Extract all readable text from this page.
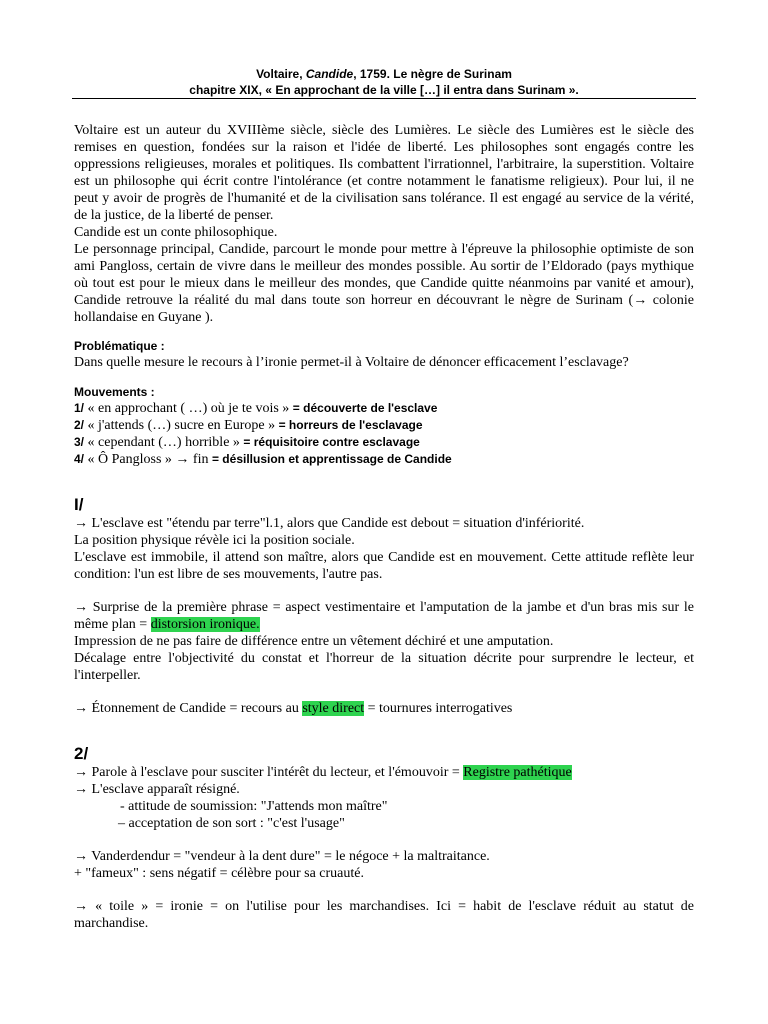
Voltaire, Candide, 1759. Le nègre de Surinam
chapitre XIX, « En approchant de la ville […] il entra dans Surinam ».
Voltaire est un auteur du XVIIIème siècle, siècle des Lumières. Le siècle des Lumières est le siècle des remises en question, fondées sur la raison et l'idée de liberté. Les philosophes sont engagés contre les oppressions religieuses, morales et politiques. Ils combattent l'irrationnel, l'arbitraire, la superstition. Voltaire est un philosophe qui écrit contre l'intolérance (et contre notamment le fanatisme religieux). Pour lui, il ne peut y avoir de progrès de l'humanité et de la civilisation sans tolérance. Il est engagé au service de la vérité, de la justice, de la liberté de penser.
Candide est un conte philosophique.
Le personnage principal, Candide, parcourt le monde pour mettre à l'épreuve la philosophie optimiste de son ami Pangloss, certain de vivre dans le meilleur des mondes possible. Au sortir de l’Eldorado (pays mythique où tout est pour le mieux dans le meilleur des mondes, que Candide quitte néanmoins par vanité et amour), Candide retrouve la réalité du mal dans toute son horreur en découvrant le nègre de Surinam (→ colonie hollandaise en Guyane ).
Problématique :
Dans quelle mesure le recours à l’ironie permet-il à Voltaire de dénoncer efficacement l’esclavage?
Mouvements :
1/ « en approchant ( …) où je te vois » = découverte de l'esclave
2/ « j'attends (…) sucre en Europe » = horreurs de l'esclavage
3/ « cependant (…) horrible » = réquisitoire contre esclavage
4/ « Ô Pangloss » → fin = désillusion et apprentissage de Candide
I/
→ L'esclave est "étendu par terre"l.1, alors que Candide est debout = situation d'infériorité.
La position physique révèle ici la position sociale.
L'esclave est immobile, il attend son maître, alors que Candide est en mouvement. Cette attitude reflète leur condition: l'un est libre de ses mouvements, l'autre pas.
→ Surprise de la première phrase = aspect vestimentaire et l'amputation de la jambe et d'un bras mis sur le même plan = distorsion ironique.
Impression de ne pas faire de différence entre un vêtement déchiré et une amputation.
Décalage entre l'objectivité du constat et l'horreur de la situation décrite pour surprendre le lecteur, et l'interpeller.
→ Étonnement de Candide = recours au style direct = tournures interrogatives
2/
→ Parole à l'esclave pour susciter l'intérêt du lecteur, et l'émouvoir = Registre pathétique
→ L'esclave apparaît résigné.
- attitude de soumission: "J'attends mon maître"
– acceptation de son sort : "c'est l'usage"
→ Vanderdendur = "vendeur à la dent dure" = le négoce + la maltraitance.
+ "fameux" : sens négatif = célèbre pour sa cruauté.
→ « toile » = ironie = on l'utilise pour les marchandises. Ici = habit de l'esclave réduit au statut de marchandise.
